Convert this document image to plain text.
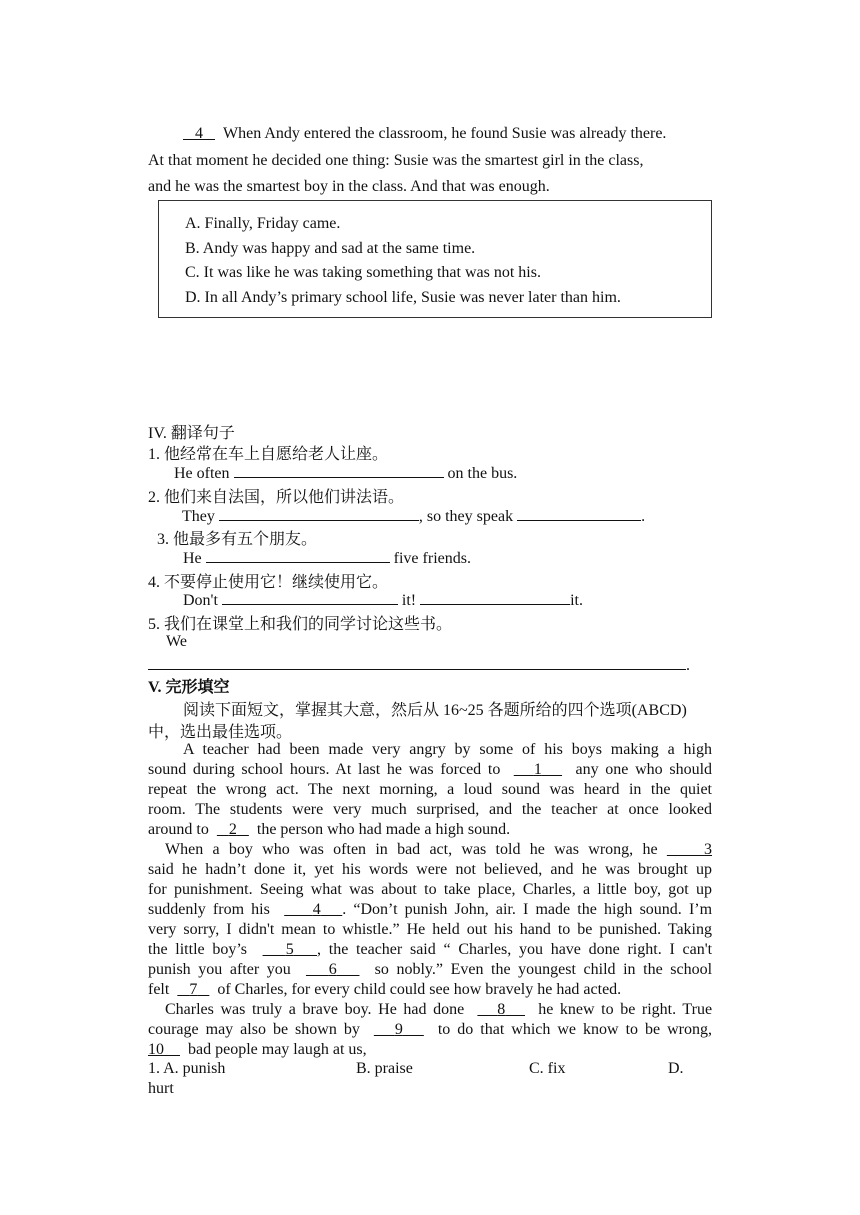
4 When Andy entered the classroom, he found Susie was already there.
At that moment he decided one thing: Susie was the smartest girl in the class,
and he was the smartest boy in the class. And that was enough.
A. Finally, Friday came.
B. Andy was happy and sad at the same time.
C. It was like he was taking something that was not his.
D. In all Andy’s primary school life, Susie was never later than him.
IV. 翻译句子
1. 他经常在车上自愿给老人让座。
He often	on the bus.
2. 他们来自法国，所以他们讲法语。
They	, so they speak	.
3. 他最多有五个朋友。
He	five friends.
4. 不要停止使用它！继续使用它。
Don't	it!	it.
5. 我们在课堂上和我们的同学讨论这些书。
We
.
V. 完形填空
阅读下面短文，掌握其大意，然后从 16~25 各题所给的四个选项(ABCD)
中，选出最佳选项。
A teacher had been made very angry by some of his boys making a high
sound during school hours. At last he was forced to 1 any one who should
repeat the wrong act. The next morning, a loud sound was heard in the quiet
room. The students were very much surprised, and the teacher at once looked
around to 2 the person who had made a high sound.
When a boy who was often in bad act, was told he was wrong, he	3
said he hadn’t done it, yet his words were not believed, and he was brought up
for punishment. Seeing what was about to take place, Charles, a little boy, got up
suddenly from his	4 . “Don’t punish John, air. I made the high sound. I’m
very sorry, I didn't mean to whistle.” He held out his hand to be punished. Taking
the little boy’s 5 , the teacher said “ Charles, you have done right. I can't
punish you after you 6 so nobly.” Even the youngest child in the school
felt 7 of Charles, for every child could see how bravely he had acted.
Charles was truly a brave boy. He had done 8 he knew to be right. True
courage may also be shown by 9 to do that which we know to be wrong,
10 bad people may laugh at us,
1. A. punish	B. praise	C. fix	D.
hurt
